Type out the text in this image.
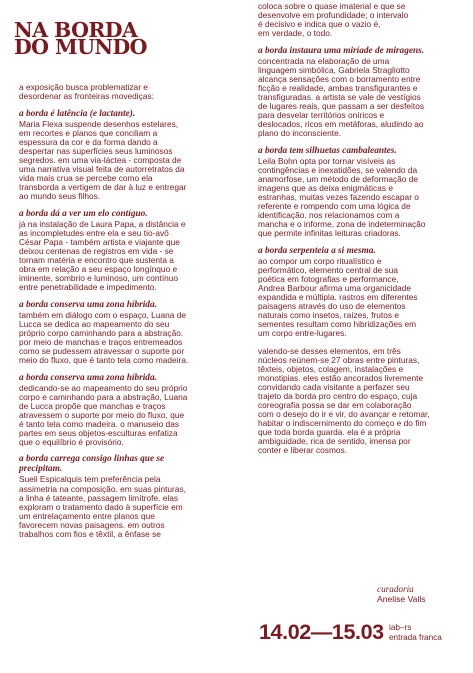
NA BORDA
DO MUNDO
a exposição busca problematizar e
desordenar as fronteiras movediças:
a borda é latência (e lactante).
Maria Flexa suspende desenhos estelares,
em recortes e planos que conciliam a
espessura da cor e da forma dando a
despertar nas superfícies seus luminosos
segredos. em uma via-láctea - composta de
uma narrativa visual feita de autorretratos da
vida mais crua se percebe como ela
transborda a vertigem de dar à luz e entregar
ao mundo seus filhos.
a borda dá a ver um elo contíguo.
já na instalação de Laura Papa, a distância e
as incompletudes entre ela e seu tio-avô
César Papa - também artista e viajante que
deixou centenas de registros em vida - se
tornam matéria e encontro que sustenta a
obra em relação a seu espaço longínquo e
iminente, sombrio e luminoso, um contínuo
entre penetrabilidade e impedimento.
a borda conserva uma zona híbrida.
também em diálogo com o espaço, Luana de
Lucca se dedica ao mapeamento do seu
próprio corpo caminhando para a abstração.
por meio de manchas e traços entremeados
como se pudessem atravessar o suporte por
meio do fluxo, que é tanto tela como madeira.
a borda conserva uma zona híbrida.
dedicando-se ao mapeamento do seu próprio
corpo e caminhando para a abstração, Luana
de Lucca propõe que manchas e traços
atravessem o suporte por meio do fluxo, que
é tanto tela como madeira. o manuseio das
partes em seus objetos-esculturas enfatiza
que o equilíbrio é provisório.
a borda carrega consigo linhas que se
precipitam.
Sueli Espicalquis tem preferência pela
assimetria na composição. em suas pinturas,
a linha é tateante, passagem limítrofe. elas
exploram o tratamento dado à superfície em
um entrelaçamento entre planos que
favorecem novas paisagens. em outros
trabalhos com fios e têxtil, a ênfase se
coloca sobre o quase imaterial e que se
desenvolve em profundidade; o intervalo
é decisivo e indica que o vazio é,
em verdade, o todo.
a borda instaura uma miríade de miragens.
concentrada na elaboração de uma
linguagem simbólica, Gabriela Stragliotto
alcança sensações com o borramento entre
ficção e realidade, ambas transfigurantes e
transfiguradas. a artista se vale de vestígios
de lugares reais, que passam a ser desfeitos
para desvelar territórios oníricos e
deslocados, ricos em metáforas, aludindo ao
plano do inconsciente.
a borda tem silhuetas cambaleantes.
Leila Bohn opta por tornar visíveis as
contingências e inexatidões, se valendo da
anamorfose, um método de deformação de
imagens que as deixa enigmáticas e
estranhas, muitas vezes fazendo escapar o
referente e rompendo com uma lógica de
identificação. nos relacionamos com a
mancha e o informe, zona de indeterminação
que permite infinitas leituras criadoras.
a borda serpenteia a si mesma.
ao compor um corpo ritualístico e
performático, elemento central de sua
poética em fotografias e performance,
Andrea Barbour afirma uma organicidade
expandida e múltipla. rastros em diferentes
paisagens através do uso de elementos
naturais como insetos, raízes, frutos e
sementes resultam como hibridizações em
um corpo entre-lugares.
valendo-se desses elementos, em três
núcleos reúnem-se 27 obras entre pinturas,
têxteis, objetos, colagem, instalações e
monotipias. eles estão ancorados livremente
convidando cada visitante a perfazer seu
trajeto da borda pro centro do espaço, cuja
coreografia possa se dar em colaboração
com o desejo do ir e vir, do avançar e retomar,
habitar o indiscernimento do começo e do fim
que toda borda guarda. ela é a própria
ambiguidade, rica de sentido, imensa por
conter e liberar cosmos.
curadoria
Anelise Valls
14.02—15.03 iab–rs
entrada franca
